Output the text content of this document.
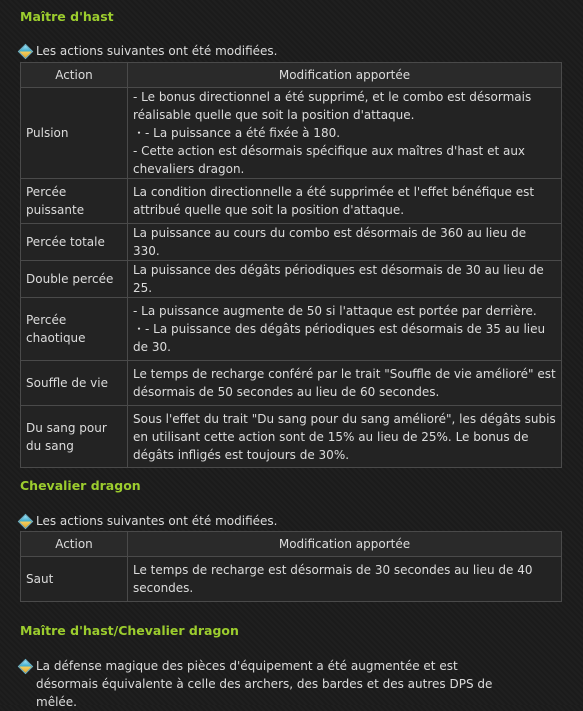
Maître d'hast
Les actions suivantes ont été modifiées.
Action	Modification apportée
Pulsion	- Le bonus directionnel a été supprimé, et le combo est désormais réalisable quelle que soit la position d'attaque.
・- La puissance a été fixée à 180.
- Cette action est désormais spécifique aux maîtres d'hast et aux chevaliers dragon.

Percée puissante	La condition directionnelle a été supprimée et l'effet bénéfique est attribué quelle que soit la position d'attaque.

Percée totale	La puissance au cours du combo est désormais de 360 au lieu de 330.

Double percée	La puissance des dégâts périodiques est désormais de 30 au lieu de 25.

Percée chaotique	- La puissance augmente de 50 si l'attaque est portée par derrière.
・- La puissance des dégâts périodiques est désormais de 35 au lieu de 30.

Souffle de vie	Le temps de recharge conféré par le trait "Souffle de vie amélioré" est désormais de 50 secondes au lieu de 60 secondes.

Du sang pour du sang	Sous l'effet du trait "Du sang pour du sang amélioré", les dégâts subis en utilisant cette action sont de 15% au lieu de 25%. Le bonus de dégâts infligés est toujours de 30%.
Chevalier dragon
Les actions suivantes ont été modifiées.
Action	Modification apportée
Saut	Le temps de recharge est désormais de 30 secondes au lieu de 40 secondes.
Maître d'hast/Chevalier dragon
La défense magique des pièces d'équipement a été augmentée et est désormais équivalente à celle des archers, des bardes et des autres DPS de mêlée.
